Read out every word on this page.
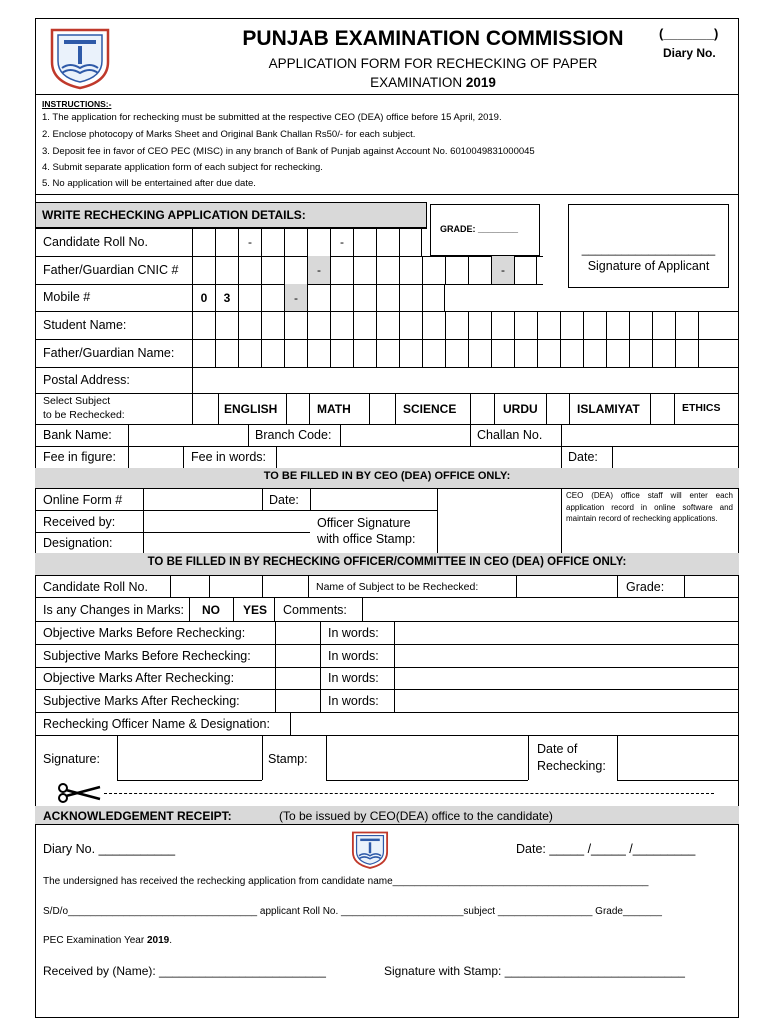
PUNJAB EXAMINATION COMMISSION
APPLICATION FORM FOR RECHECKING OF PAPER
EXAMINATION 2019
(_______)
Diary No.
INSTRUCTIONS:-
1. The application for rechecking must be submitted at the respective CEO (DEA) office before 15 April, 2019.
2. Enclose photocopy of Marks Sheet and Original Bank Challan Rs50/- for each subject.
3. Deposit fee in favor of CEO PEC (MISC) in any branch of Bank of Punjab against Account No. 6010049831000045
4. Submit separate application form of each subject for rechecking.
5. No application will be entertained after due date.
WRITE RECHECKING APPLICATION DETAILS:
GRADE: ________
____________________
Signature of Applicant
Candidate Roll No.	-	-
Father/Guardian CNIC #	-	-
Mobile #	0	3	-
Student Name:
Father/Guardian Name:
Postal Address:
Select Subject
to be Rechecked:	ENGLISH	MATH	SCIENCE	URDU	ISLAMIYAT	ETHICS
Bank Name:	Branch Code:	Challan No.
Fee in figure:	Fee in words:	Date:
TO BE FILLED IN BY CEO (DEA) OFFICE ONLY:
Online Form #	Date:	CEO (DEA) office staff will enter each application record in online software and maintain record of rechecking applications.
Received by:	Officer Signature
with office Stamp:
Designation:
TO BE FILLED IN BY RECHECKING OFFICER/COMMITTEE IN CEO (DEA) OFFICE ONLY:
Candidate Roll No.	Name of Subject to be Rechecked:	Grade:
Is any Changes in Marks: NO YES Comments:
Objective Marks Before Rechecking:	In words:
Subjective Marks Before Rechecking:	In words:
Objective Marks After Rechecking:	In words:
Subjective Marks After Rechecking:	In words:
Rechecking Officer Name & Designation:
Signature:	Stamp:
Date of
Rechecking:
ACKNOWLEDGEMENT RECEIPT:	(To be issued by CEO(DEA) office to the candidate)
Diary No. ___________	Date: _____ /_____ /_________
The undersigned has received the rechecking application from candidate name______________________________________________
S/D/o__________________________________ applicant Roll No. ______________________subject _________________ Grade_______
PEC Examination Year 2019.
Received by (Name): _________________________	Signature with Stamp: ___________________________
